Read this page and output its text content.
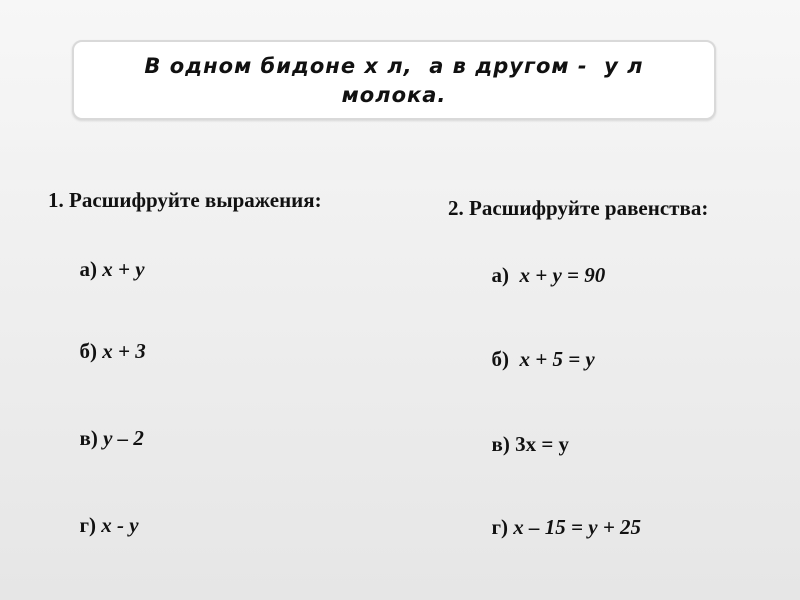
В одном бидоне х л,  а в другом -  у л молока.
1. Расшифруйте выражения:

а) х + у

б) х + 3

в) у – 2

г) х - у

2. Расшифруйте равенства:

а)  х + у = 90

б)  х + 5 = у

в) 3х = у

г) х – 15 = у + 25
